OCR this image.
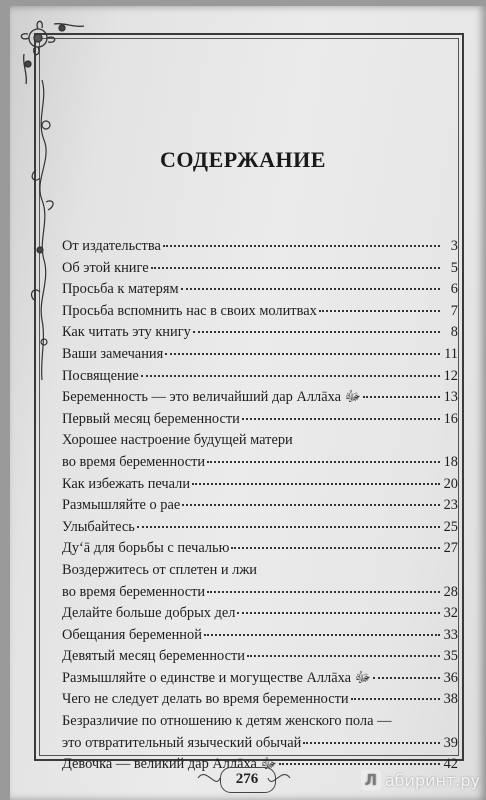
СОДЕРЖАНИЕ
От издательства	3
Об этой книге	5
Просьба к матерям	6
Просьба вспомнить нас в своих молитвах	7
Как читать эту книгу	8
Ваши замечания	11
Посвящение	12
Беременность — это величайший дар Аллāха ﷻ	13
Первый месяц беременности	16
Хорошее настроение будущей матери
во время беременности	18
Как избежать печали	20
Размышляйте о рае	23
Улыбайтесь	25
Дуʻā для борьбы с печалью	27
Воздержитесь от сплетен и лжи
во время беременности	28
Делайте больше добрых дел	32
Обещания беременной	33
Девятый месяц беременности	35
Размышляйте о единстве и могуществе Аллāха ﷻ	36
Чего не следует делать во время беременности	38
Безразличие по отношению к детям женского пола —
это отвратительный языческий обычай	39
Девочка — великий дар Аллāха ﷻ	42
276	Л абиринт.ру
